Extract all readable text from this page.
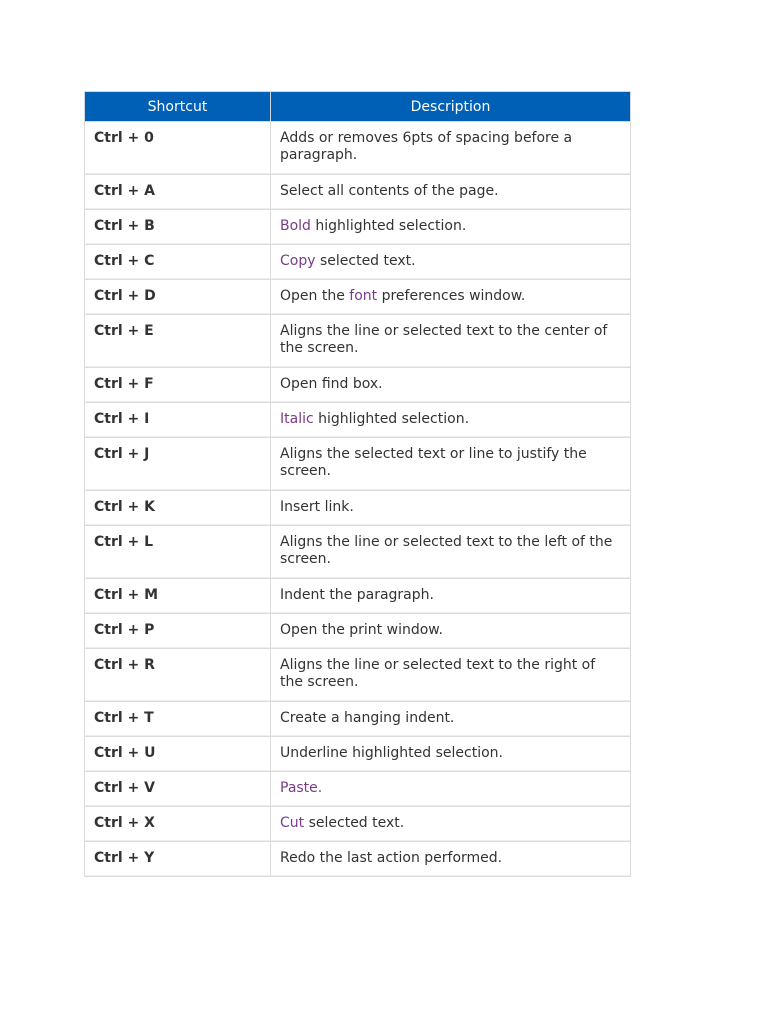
Shortcut	Description
Ctrl + 0	Adds or removes 6pts of spacing before a paragraph.
Ctrl + A	Select all contents of the page.
Ctrl + B	Bold highlighted selection.
Ctrl + C	Copy selected text.
Ctrl + D	Open the font preferences window.
Ctrl + E	Aligns the line or selected text to the center of the screen.
Ctrl + F	Open find box.
Ctrl + I	Italic highlighted selection.
Ctrl + J	Aligns the selected text or line to justify the screen.
Ctrl + K	Insert link.
Ctrl + L	Aligns the line or selected text to the left of the screen.
Ctrl + M	Indent the paragraph.
Ctrl + P	Open the print window.
Ctrl + R	Aligns the line or selected text to the right of the screen.
Ctrl + T	Create a hanging indent.
Ctrl + U	Underline highlighted selection.
Ctrl + V	Paste.
Ctrl + X	Cut selected text.
Ctrl + Y	Redo the last action performed.
